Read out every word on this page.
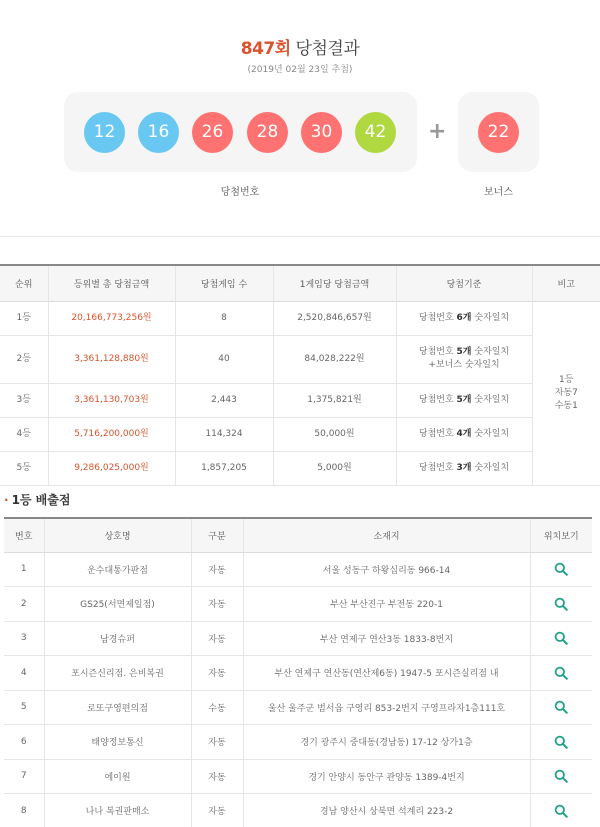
847회 당첨결과
(2019년 02월 23일 추첨)
12	16	26	28	30	42	+	22
당첨번호	보너스
순위	등위별 총 당첨금액	당첨게임 수	1게임당 당첨금액	당첨기준	비고
1등	20,166,773,256원	8	2,520,846,657원	당첨번호 6개 숫자일치	1등
자동7
수동1

2등	3,361,128,880원	40	84,028,222원	당첨번호 5개 숫자일치
+보너스 숫자일치	
3등	3,361,130,703원	2,443	1,375,821원	당첨번호 5개 숫자일치	
4등	5,716,200,000원	114,324	50,000원	당첨번호 4개 숫자일치	
5등	9,286,025,000원	1,857,205	5,000원	당첨번호 3개 숫자일치	
· 1등 배출점
번호	상호명	구분	소재지	위치보기
1	운수대통가판점	자동	서울 성동구 하왕십리동 966-14	
2	GS25(서면제일점)	자동	부산 부산진구 부전동 220-1	
3	남경슈퍼	자동	부산 연제구 연산3동 1833-8번지	
4	포시즌신리점. 은비복권	자동	부산 연제구 연산동(연산제6동) 1947-5 포시즌실리점 내	
5	로또구영편의점	수동	울산 울주군 범서읍 구영리 853-2번지 구영프라자1층111호	
6	태양정보통신	자동	경기 광주시 중대동(경남동) 17-12 상가1층	
7	에이원	자동	경기 안양시 동안구 관양동 1389-4번지	
8	나나 복권판매소	자동	경남 양산시 상북면 석계리 223-2	
